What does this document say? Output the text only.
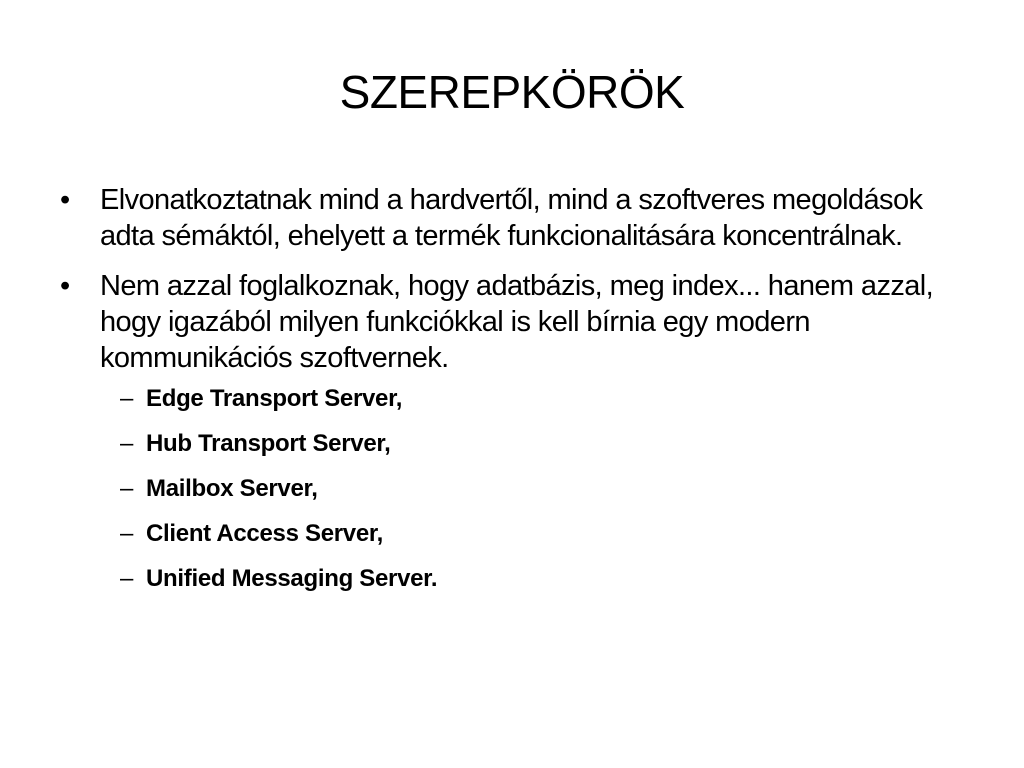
SZEREPKÖRÖK
•	Elvonatkoztatnak mind a hardvertől, mind a szoftveres megoldások adta sémáktól, ehelyett a termék funkcionalitására koncentrálnak.
•	Nem azzal foglalkoznak, hogy adatbázis, meg index... hanem azzal, hogy igazából milyen funkciókkal is kell bírnia egy modern kommunikációs szoftvernek.
– Edge Transport Server,
– Hub Transport Server,
– Mailbox Server,
– Client Access Server,
– Unified Messaging Server.
